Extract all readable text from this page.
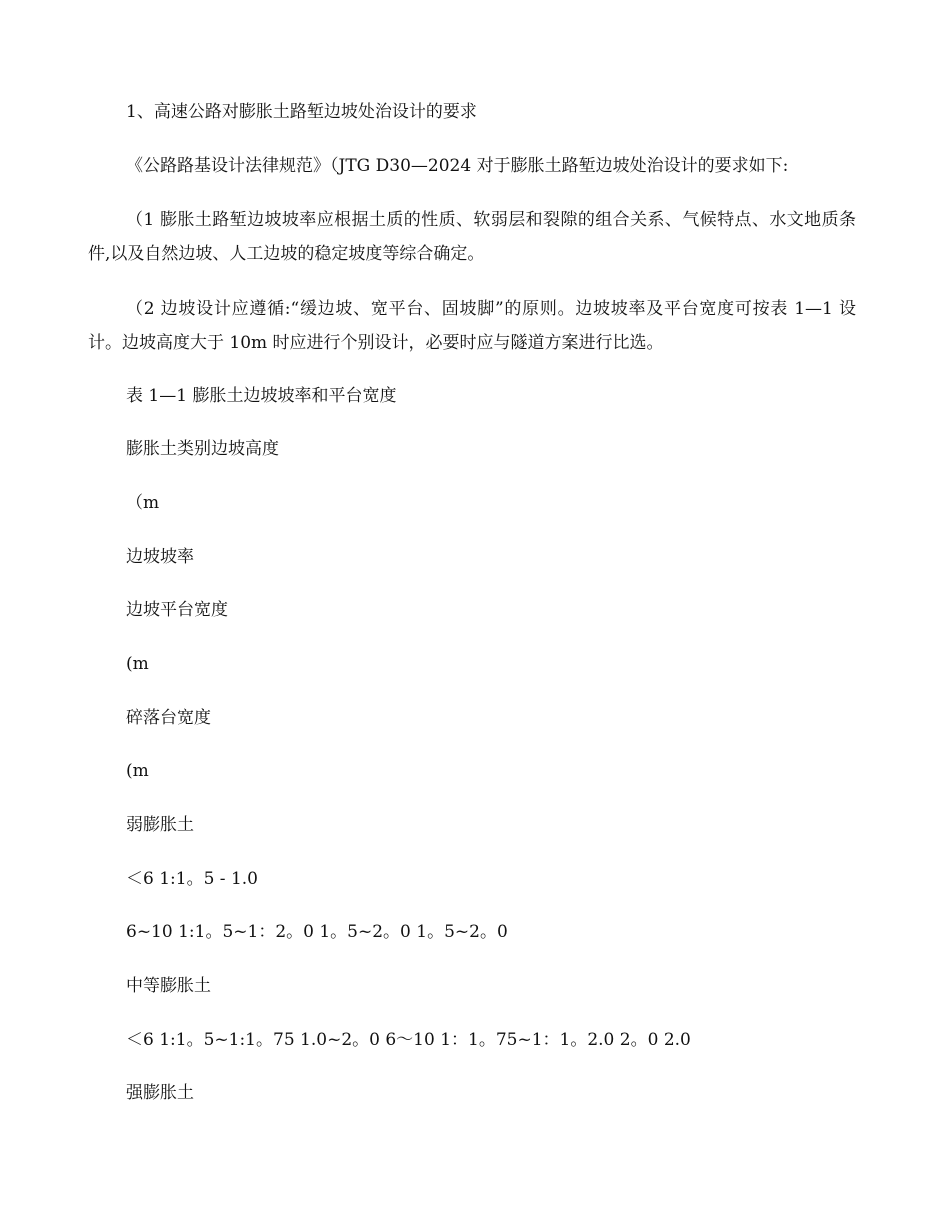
1、高速公路对膨胀土路堑边坡处治设计的要求

《公路路基设计法律规范》（JTG D30—2024 对于膨胀土路堑边坡处治设计的要求如下:

（1 膨胀土路堑边坡坡率应根据土质的性质、软弱层和裂隙的组合关系、气候特点、水文地质条件,以及自然边坡、人工边坡的稳定坡度等综合确定。

（2 边坡设计应遵循:“缓边坡、宽平台、固坡脚”的原则。边坡坡率及平台宽度可按表 1—1 设计。边坡高度大于 10m 时应进行个别设计，必要时应与隧道方案进行比选。

表 1—1 膨胀土边坡坡率和平台宽度

膨胀土类别边坡高度

（m

边坡坡率

边坡平台宽度

(m

碎落台宽度

(m

弱膨胀土

＜6 1:1。5 - 1.0

6~10 1:1。5~1：2。0 1。5~2。0 1。5~2。0

中等膨胀土

＜6 1:1。5~1:1。75 1.0~2。0 6～10 1：1。75~1：1。2.0 2。0 2.0

强膨胀土
